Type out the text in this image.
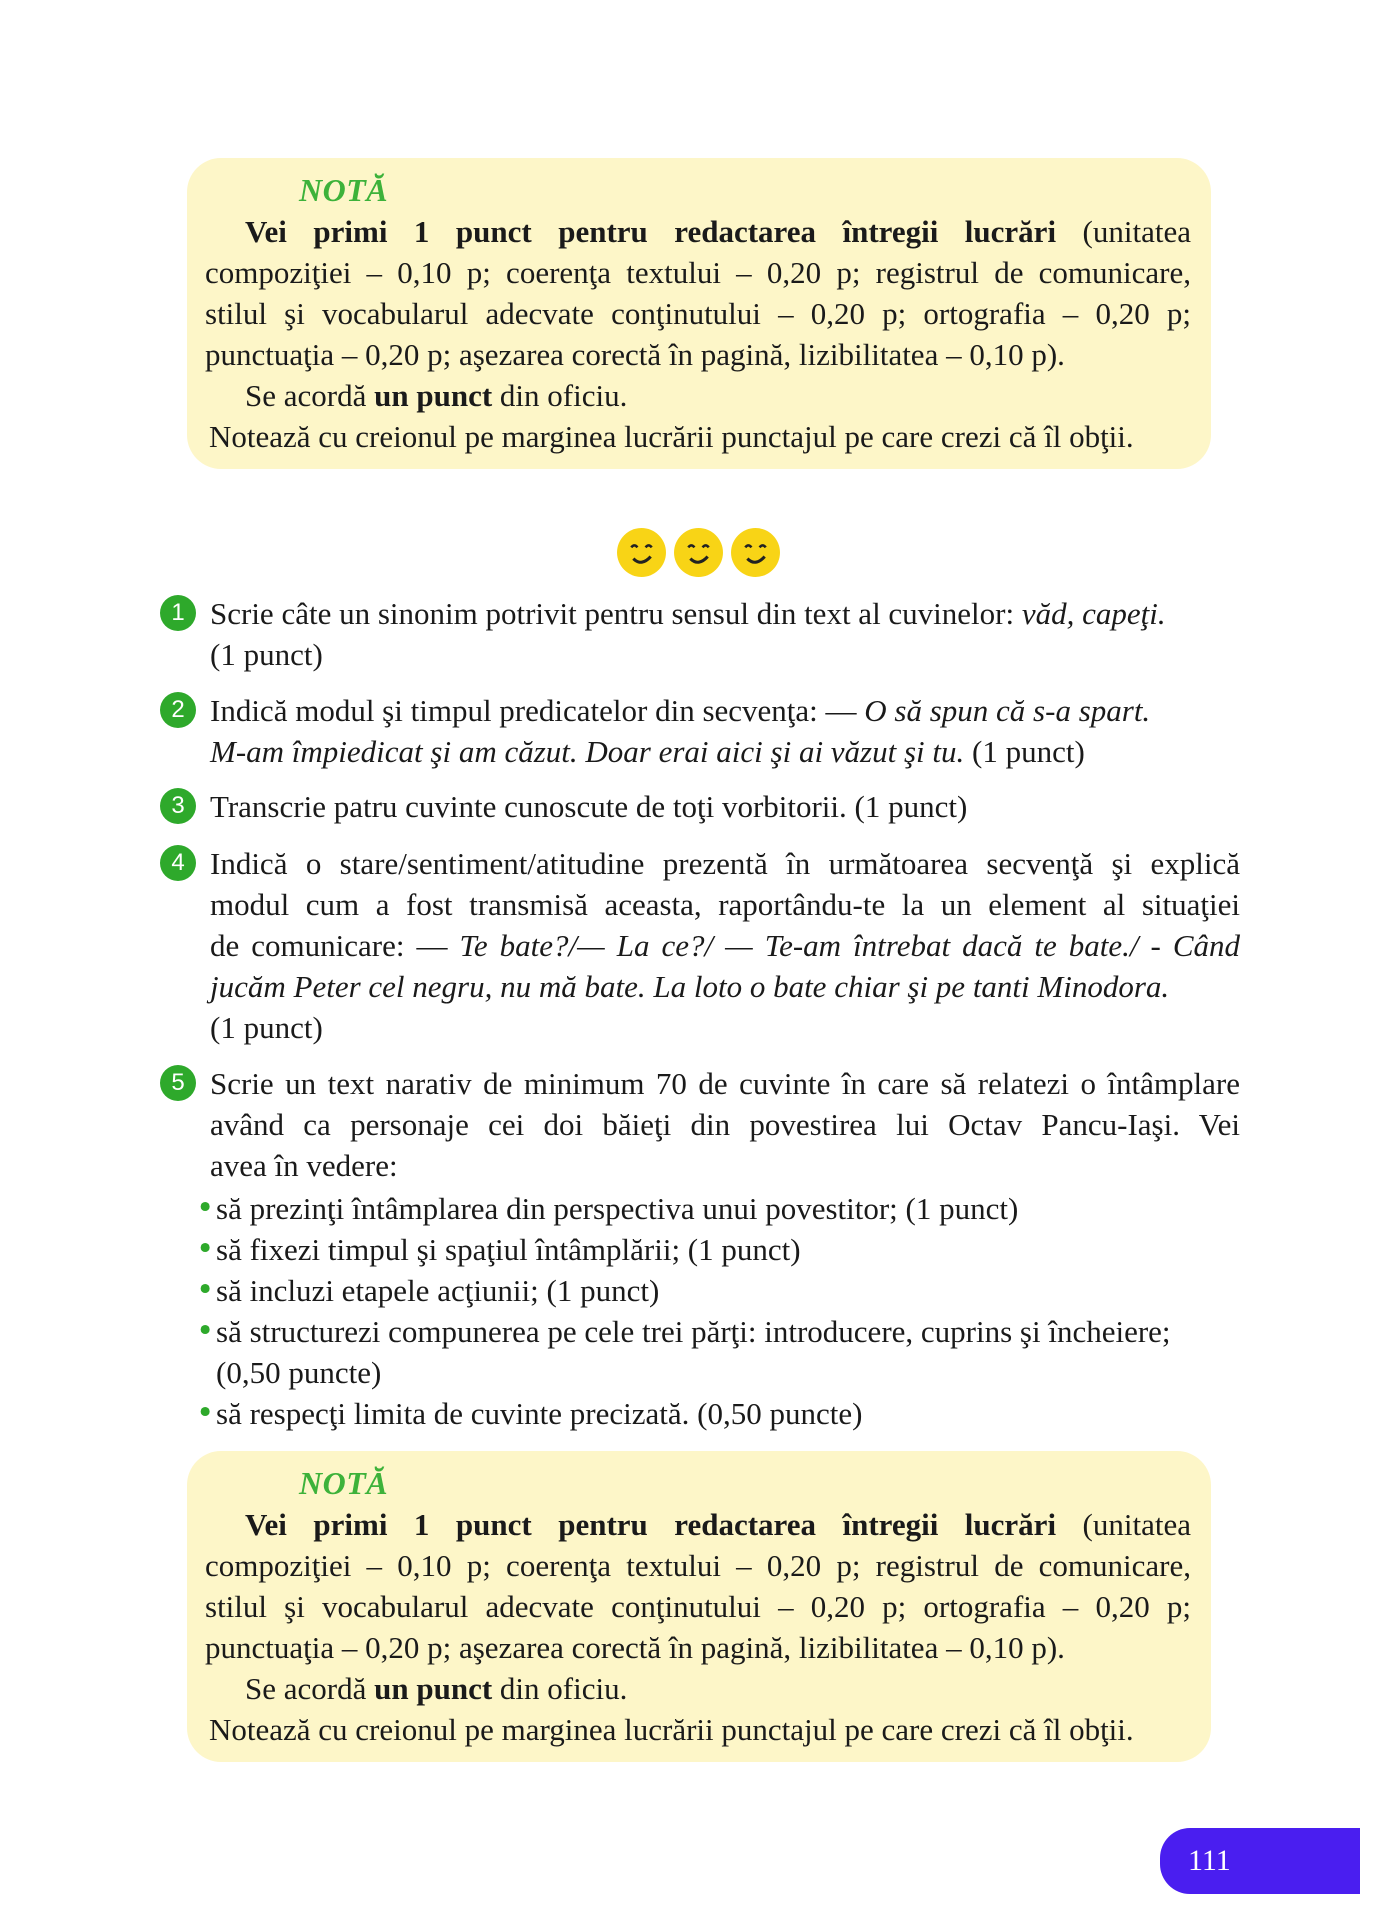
NOTĂ

Vei primi 1 punct pentru redactarea întregii lucrări (unitatea

compoziţiei – 0,10 p; coerenţa textului – 0,20 p; registrul de comunicare,

stilul şi vocabularul adecvate conţinutului – 0,20 p; ortografia – 0,20 p;

punctuaţia – 0,20 p; aşezarea corectă în pagină, lizibilitatea – 0,10 p).

Se acordă un punct din oficiu.

Notează cu creionul pe marginea lucrării punctajul pe care crezi că îl obţii.

1 Scrie câte un sinonim potrivit pentru sensul din text al cuvinelor: văd, capeţi.

(1 punct)

2 Indică modul şi timpul predicatelor din secvenţa: — O să spun că s-a spart.

M-am împiedicat şi am căzut. Doar erai aici şi ai văzut şi tu. (1 punct)

3 Transcrie patru cuvinte cunoscute de toţi vorbitorii. (1 punct)

4 Indică o stare/sentiment/atitudine prezentă în următoarea secvenţă şi explică

modul cum a fost transmisă aceasta, raportându-te la un element al situaţiei

de comunicare: — Te bate?/— La ce?/ — Te-am întrebat dacă te bate./ - Când

jucăm Peter cel negru, nu mă bate. La loto o bate chiar şi pe tanti Minodora.

(1 punct)

5 Scrie un text narativ de minimum 70 de cuvinte în care să relatezi o întâmplare

având ca personaje cei doi băieţi din povestirea lui Octav Pancu-Iaşi. Vei

avea în vedere:

• să prezinţi întâmplarea din perspectiva unui povestitor; (1 punct)
• să fixezi timpul şi spaţiul întâmplării; (1 punct)
• să incluzi etapele acţiunii; (1 punct)
• să structurezi compunerea pe cele trei părţi: introducere, cuprins şi încheiere;
(0,50 puncte)
• să respecţi limita de cuvinte precizată. (0,50 puncte)
NOTĂ

Vei primi 1 punct pentru redactarea întregii lucrări (unitatea

compoziţiei – 0,10 p; coerenţa textului – 0,20 p; registrul de comunicare,

stilul şi vocabularul adecvate conţinutului – 0,20 p; ortografia – 0,20 p;

punctuaţia – 0,20 p; aşezarea corectă în pagină, lizibilitatea – 0,10 p).

Se acordă un punct din oficiu.

Notează cu creionul pe marginea lucrării punctajul pe care crezi că îl obţii.

111
